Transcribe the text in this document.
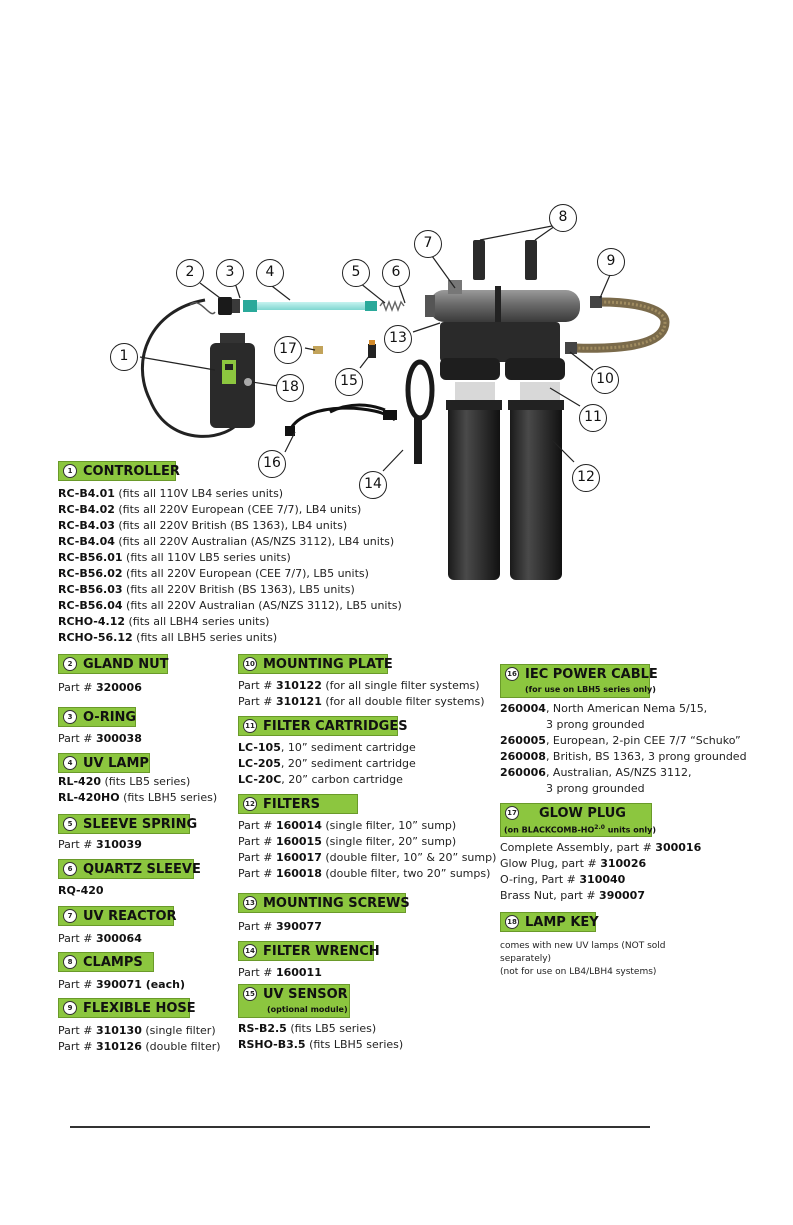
1
2	3	4	5	6
7
8
9
10
11
12
13
14
15
16
17
18
1 CONTROLLER
RC-B4.01 (fits all 110V LB4 series units)
RC-B4.02 (fits all 220V European (CEE 7/7), LB4 units)
RC-B4.03 (fits all 220V British (BS 1363), LB4 units)
RC-B4.04 (fits all 220V Australian (AS/NZS 3112), LB4 units)
RC-B56.01 (fits all 110V LB5 series units)
RC-B56.02 (fits all 220V European (CEE 7/7), LB5 units)
RC-B56.03 (fits all 220V British (BS 1363), LB5 units)
RC-B56.04 (fits all 220V Australian (AS/NZS 3112), LB5 units)
RCHO-4.12 (fits all LBH4 series units)
RCHO-56.12 (fits all LBH5 series units)
2 GLAND NUT
Part # 320006
3 O-RING
Part # 300038
4 UV LAMP
RL-420 (fits LB5 series)
RL-420HO (fits LBH5 series)
5 SLEEVE SPRING
Part # 310039
6 QUARTZ SLEEVE
RQ-420
7 UV REACTOR
Part # 300064
8 CLAMPS
Part # 390071 (each)
9 FLEXIBLE HOSE
Part # 310130 (single filter)
Part # 310126 (double filter)
10 MOUNTING PLATE
Part # 310122 (for all single filter systems)
Part # 310121 (for all double filter systems)
11 FILTER CARTRIDGES
LC-105, 10” sediment cartridge
LC-205, 20” sediment cartridge
LC-20C, 20” carbon cartridge
12 FILTERS
Part # 160014 (single filter, 10” sump)
Part # 160015 (single filter, 20” sump)
Part # 160017 (double filter, 10” & 20” sump)
Part # 160018 (double filter, two 20” sumps)
13 MOUNTING SCREWS
Part # 390077
14 FILTER WRENCH
Part # 160011
15 UV SENSOR
(optional module)
RS-B2.5 (fits LB5 series)
RSHO-B3.5 (fits LBH5 series)
16 IEC POWER CABLE
(for use on LBH5 series only)
260004, North American Nema 5/15,
3 prong grounded
260005, European, 2-pin CEE 7/7 “Schuko”
260008, British, BS 1363, 3 prong grounded
260006, Australian, AS/NZS 3112,
3 prong grounded
17 GLOW PLUG
(on BLACKCOMB-$HO^{2.0}$ units only)
Complete Assembly, part # 300016
Glow Plug, part # 310026
O-ring, Part # 310040
Brass Nut, part # 390007
18 LAMP KEY
comes with new UV lamps (NOT sold
separately)
(not for use on LB4/LBH4 systems)
